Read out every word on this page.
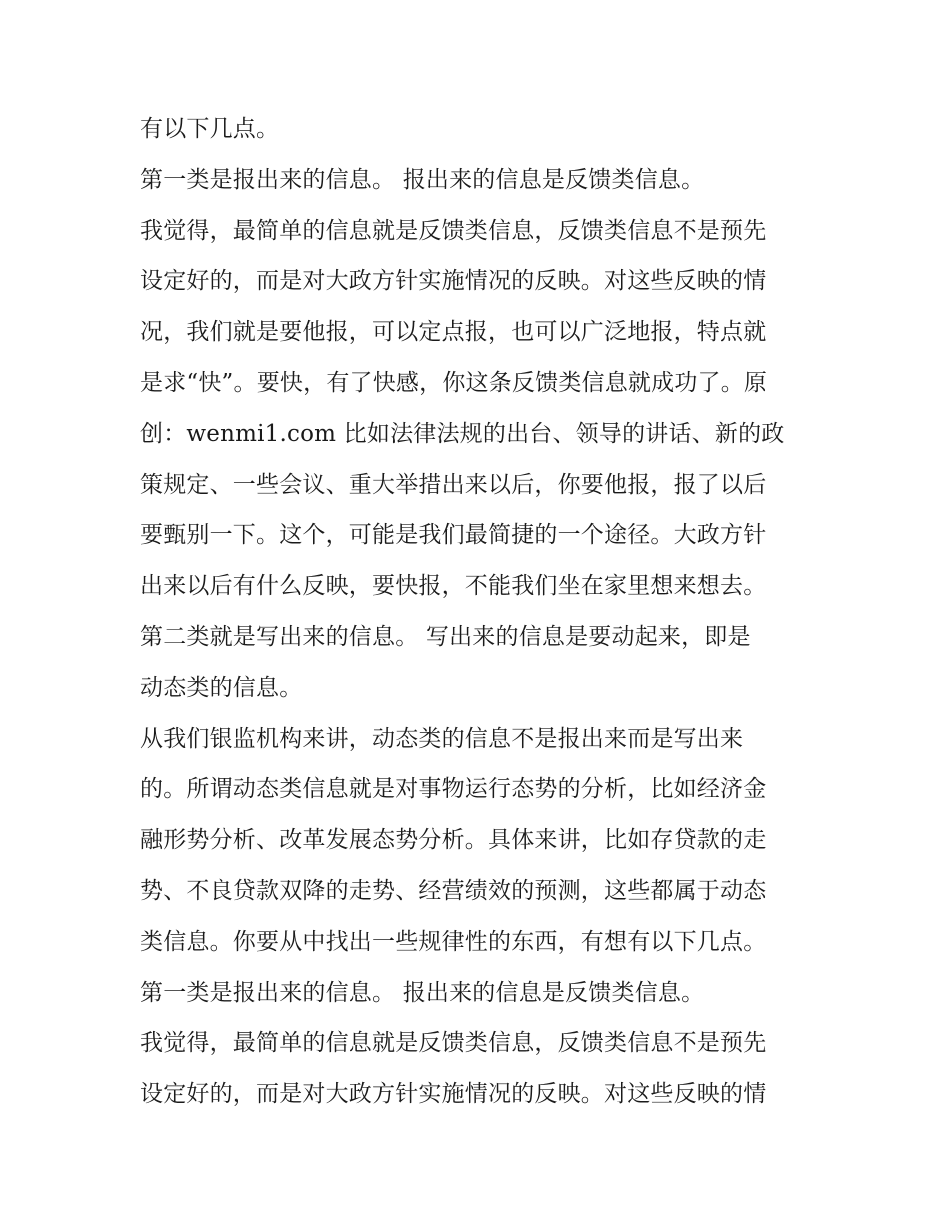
有以下几点。
第一类是报出来的信息。 报出来的信息是反馈类信息。
我觉得，最简单的信息就是反馈类信息，反馈类信息不是预先
设定好的，而是对大政方针实施情况的反映。对这些反映的情
况，我们就是要他报，可以定点报，也可以广泛地报，特点就
是求“快”。要快，有了快感，你这条反馈类信息就成功了。原
创：wenmi1.com 比如法律法规的出台、领导的讲话、新的政
策规定、一些会议、重大举措出来以后，你要他报，报了以后
要甄别一下。这个，可能是我们最简捷的一个途径。大政方针
出来以后有什么反映，要快报，不能我们坐在家里想来想去。
第二类就是写出来的信息。 写出来的信息是要动起来，即是
动态类的信息。
从我们银监机构来讲，动态类的信息不是报出来而是写出来
的。所谓动态类信息就是对事物运行态势的分析，比如经济金
融形势分析、改革发展态势分析。具体来讲，比如存贷款的走
势、不良贷款双降的走势、经营绩效的预测，这些都属于动态
类信息。你要从中找出一些规律性的东西，有想有以下几点。
第一类是报出来的信息。 报出来的信息是反馈类信息。
我觉得，最简单的信息就是反馈类信息，反馈类信息不是预先
设定好的，而是对大政方针实施情况的反映。对这些反映的情
